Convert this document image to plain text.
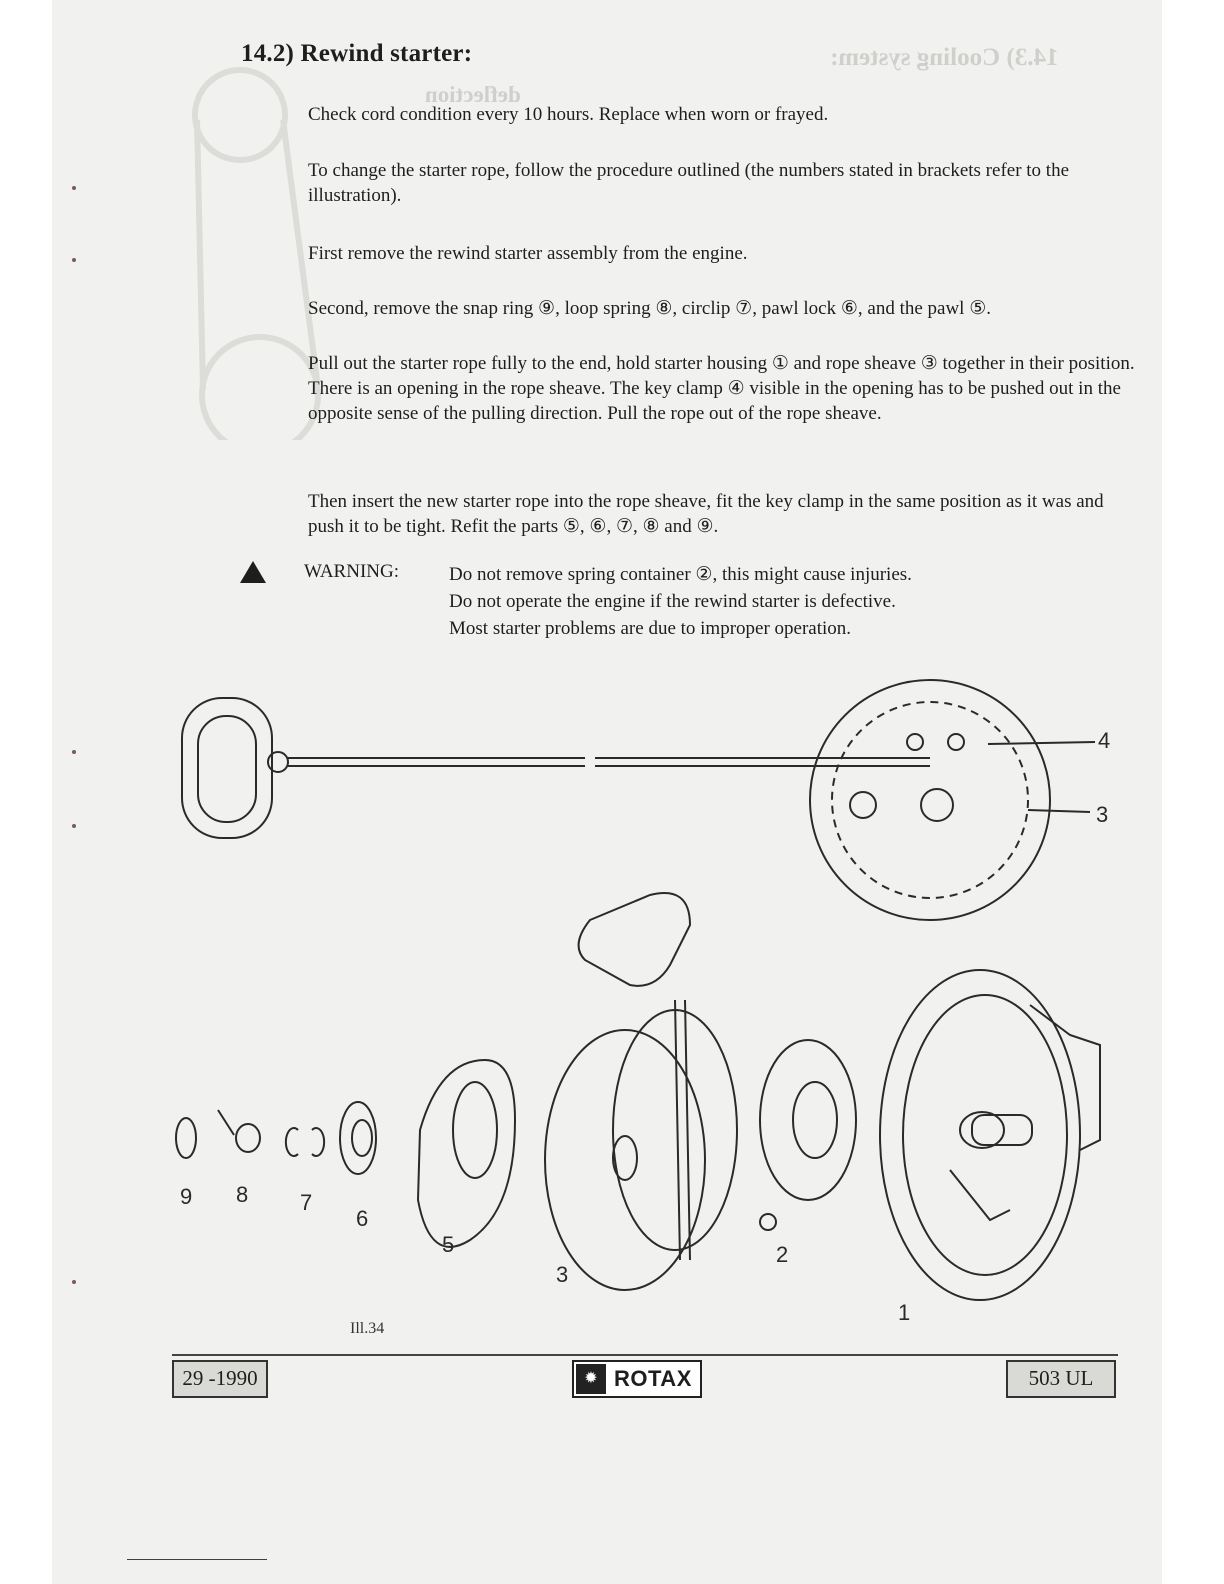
14.3) Cooling system:
deflection
14.2) Rewind starter:

Check cord condition every 10 hours. Replace when worn or frayed.

To change the starter rope, follow the procedure outlined (the numbers stated in brackets refer to the illustration).

First remove the rewind starter assembly from the engine.

Second, remove the snap ring ⑨, loop spring ⑧, circlip ⑦, pawl lock ⑥, and the pawl ⑤.

Pull out the starter rope fully to the end, hold starter housing ① and rope sheave ③ together in their position. There is an opening in the rope sheave. The key clamp ④ visible in the opening has to be pushed out in the opposite sense of the pulling direction. Pull the rope out of the rope sheave.

Then insert the new starter rope into the rope sheave, fit the key clamp in the same position as it was and push it to be tight. Refit the parts ⑤, ⑥, ⑦, ⑧ and ⑨.

WARNING:	Do not remove spring container ②, this might cause injuries.
Do not operate the engine if the rewind starter is defective.
Most starter problems are due to improper operation.
4
3
9 8 7
6
5
3
2
1
Ill.34
29 -1990	✹ ROTAX	503 UL
